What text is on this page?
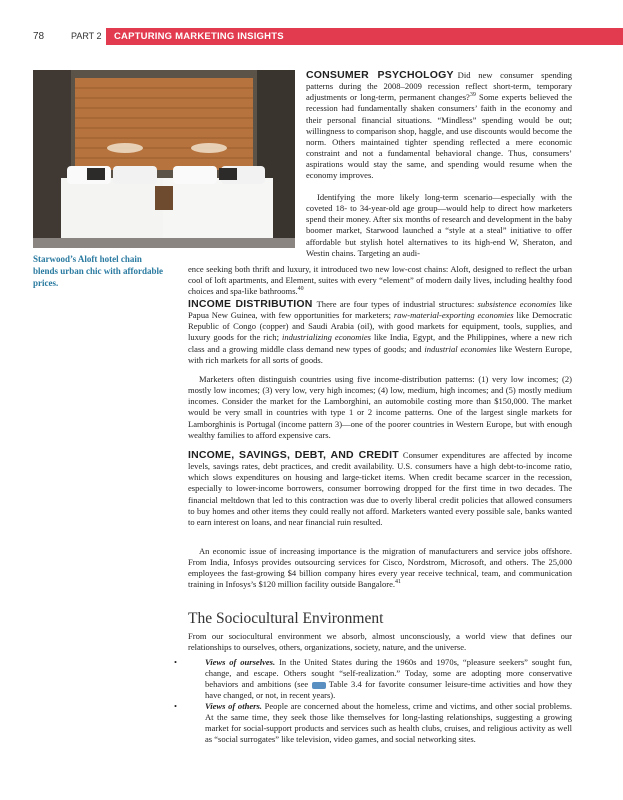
78	PART 2 CAPTURING MARKETING INSIGHTS
Starwood’s Aloft hotel chain blends urban chic with affordable prices.

CONSUMER PSYCHOLOGY Did new consumer spending patterns during the 2008–2009 recession reflect short-term, temporary adjustments or long-term, permanent changes?$^{39}$ Some experts believed the recession had fundamentally shaken consumers’ faith in the economy and their personal financial situations. “Mindless” spending would be out; willingness to comparison shop, haggle, and use discounts would become the norm. Others maintained tighter spending reflected a mere economic constraint and not a fundamental behavioral change. Thus, consumers’ aspirations would stay the same, and spending would resume when the economy improves.

Identifying the more likely long-term scenario—especially with the coveted 18- to 34-year-old age group—would help to direct how marketers spend their money. After six months of research and development in the baby boomer market, Starwood launched a “style at a steal” initiative to offer affordable but stylish hotel alternatives to its high-end W, Sheraton, and Westin chains. Targeting an audi-

ence seeking both thrift and luxury, it introduced two new low-cost chains: Aloft, designed to reflect the urban cool of loft apartments, and Element, suites with every “element” of modern daily lives, including healthy food choices and spa-like bathrooms.$^{40}$

INCOME DISTRIBUTION There are four types of industrial structures: subsistence economies like Papua New Guinea, with few opportunities for marketers; raw-material-exporting economies like Democratic Republic of Congo (copper) and Saudi Arabia (oil), with good markets for equipment, tools, supplies, and luxury goods for the rich; industrializing economies like India, Egypt, and the Philippines, where a new rich class and a growing middle class demand new types of goods; and industrial economies like Western Europe, with rich markets for all sorts of goods.

Marketers often distinguish countries using five income-distribution patterns: (1) very low incomes; (2) mostly low incomes; (3) very low, very high incomes; (4) low, medium, high incomes; and (5) mostly medium incomes. Consider the market for the Lamborghini, an automobile costing more than $150,000. The market would be very small in countries with type 1 or 2 income patterns. One of the largest single markets for Lamborghinis is Portugal (income pattern 3)—one of the poorer countries in Western Europe, but with enough wealthy families to afford expensive cars.

INCOME, SAVINGS, DEBT, AND CREDIT Consumer expenditures are affected by income levels, savings rates, debt practices, and credit availability. U.S. consumers have a high debt-to-income ratio, which slows expenditures on housing and large-ticket items. When credit became scarcer in the recession, especially to lower-income borrowers, consumer borrowing dropped for the first time in two decades. The financial meltdown that led to this contraction was due to overly liberal credit policies that allowed consumers to buy homes and other items they could really not afford. Marketers wanted every possible sale, banks wanted to earn interest on loans, and near financial ruin resulted.

An economic issue of increasing importance is the migration of manufacturers and service jobs offshore. From India, Infosys provides outsourcing services for Cisco, Nordstrom, Microsoft, and others. The 25,000 employees the fast-growing $4 billion company hires every year receive technical, team, and communication training in Infosys’s $120 million facility outside Bangalore.$^{41}$

The Sociocultural Environment

From our sociocultural environment we absorb, almost unconsciously, a world view that defines our relationships to ourselves, others, organizations, society, nature, and the universe.

•	Views of ourselves. In the United States during the 1960s and 1970s, “pleasure seekers” sought fun, change, and escape. Others sought “self-realization.” Today, some are adopting more conservative behaviors and ambitions (see  Table 3.4 for favorite consumer leisure-time activities and how they have changed, or not, in recent years).

•	Views of others. People are concerned about the homeless, crime and victims, and other social problems. At the same time, they seek those like themselves for long-lasting relationships, suggesting a growing market for social-support products and services such as health clubs, cruises, and religious activity as well as “social surrogates” like television, video games, and social networking sites.
